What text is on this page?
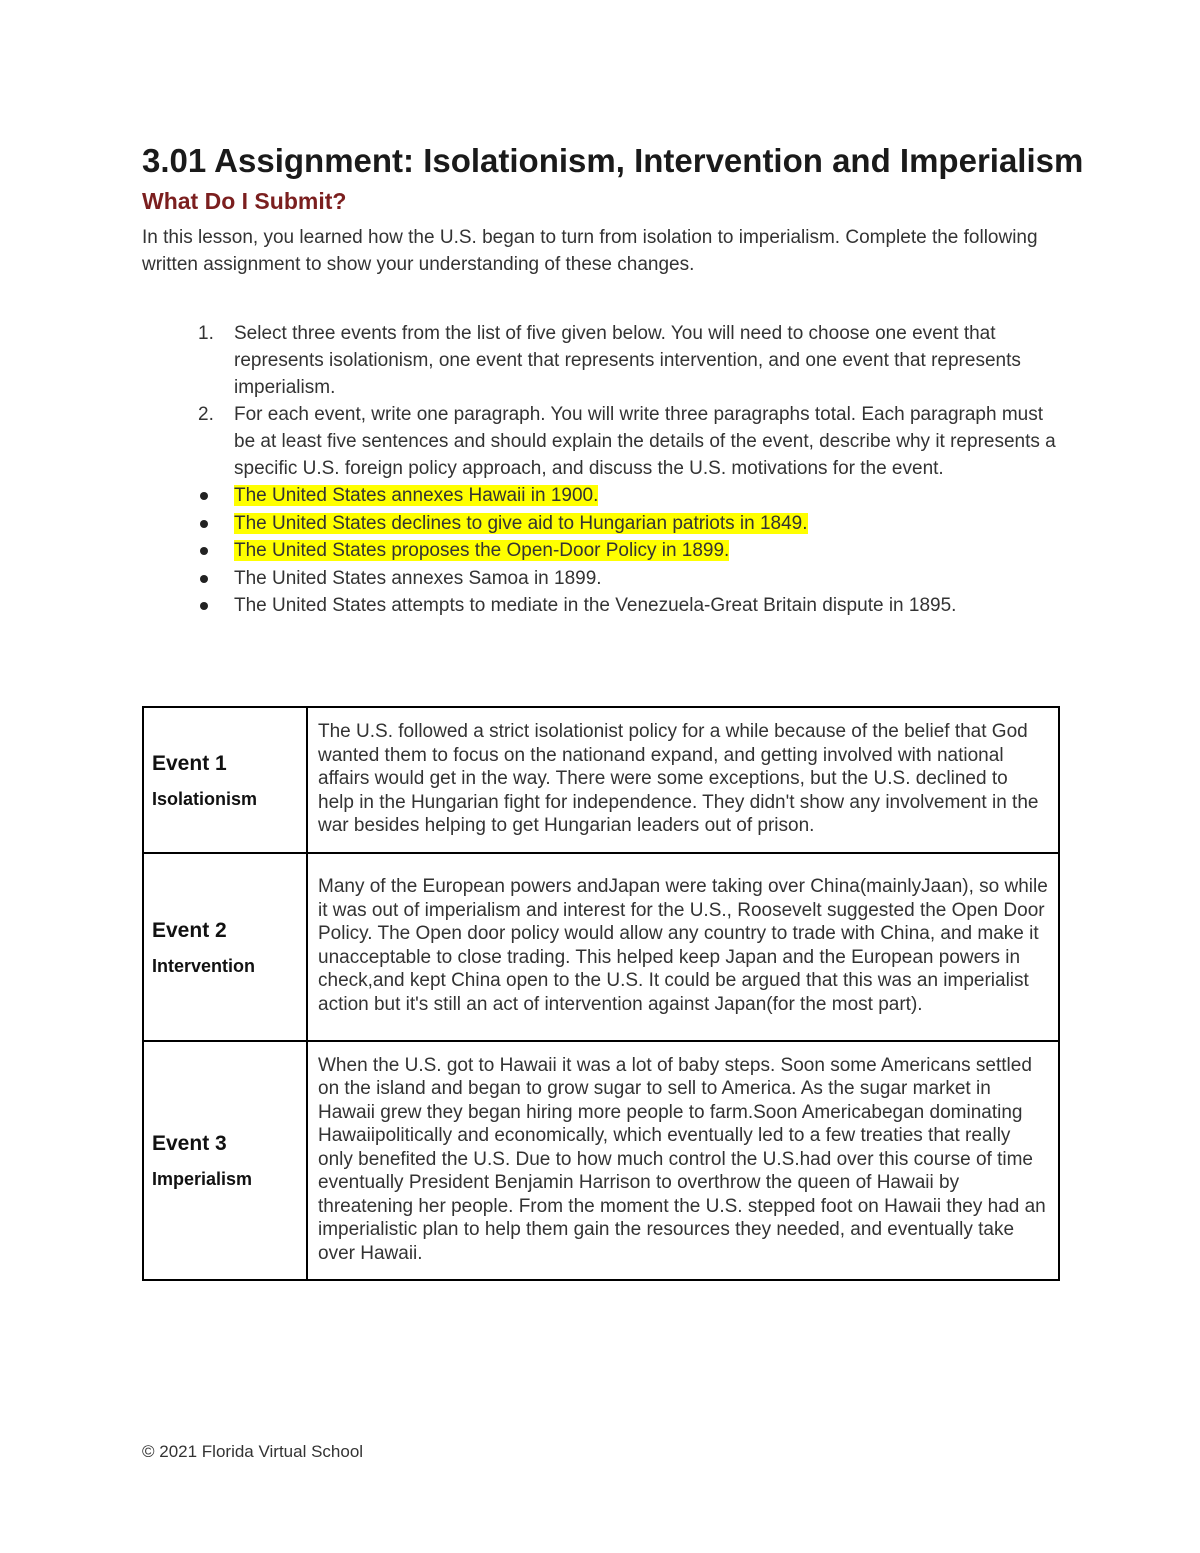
3.01 Assignment: Isolationism, Intervention and Imperialism
What Do I Submit?

In this lesson, you learned how the U.S. began to turn from isolation to imperialism. Complete the following written assignment to show your understanding of these changes.

1. Select three events from the list of five given below. You will need to choose one event that represents isolationism, one event that represents intervention, and one event that represents imperialism.
2. For each event, write one paragraph. You will write three paragraphs total. Each paragraph must be at least five sentences and should explain the details of the event, describe why it represents a specific U.S. foreign policy approach, and discuss the U.S. motivations for the event.
The United States annexes Hawaii in 1900.
The United States declines to give aid to Hungarian patriots in 1849.
The United States proposes the Open-Door Policy in 1899.
The United States annexes Samoa in 1899.
The United States attempts to mediate in the Venezuela-Great Britain dispute in 1895.
Event 1
Isolationism	The U.S. followed a strict isolationist policy for a while because of the belief that God wanted them to focus on the nationand expand, and getting involved with national affairs would get in the way. There were some exceptions, but the U.S. declined to help in the Hungarian fight for independence. They didn't show any involvement in the war besides helping to get Hungarian leaders out of prison.

Event 2
Intervention	Many of the European powers andJapan were taking over China(mainlyJaan), so while it was out of imperialism and interest for the U.S., Roosevelt suggested the Open Door Policy. The Open door policy would allow any country to trade with China, and make it unacceptable to close trading. This helped keep Japan and the European powers in check,and kept China open to the U.S. It could be argued that this was an imperialist action but it's still an act of intervention against Japan(for the most part).

Event 3
Imperialism	When the U.S. got to Hawaii it was a lot of baby steps. Soon some Americans settled on the island and began to grow sugar to sell to America. As the sugar market in Hawaii grew they began hiring more people to farm.Soon Americabegan dominating Hawaiipolitically and economically, which eventually led to a few treaties that really only benefited the U.S. Due to how much control the U.S.had over this course of time eventually President Benjamin Harrison to overthrow the queen of Hawaii by threatening her people. From the moment the U.S. stepped foot on Hawaii they had an imperialistic plan to help them gain the resources they needed, and eventually take over Hawaii.
© 2021 Florida Virtual School
